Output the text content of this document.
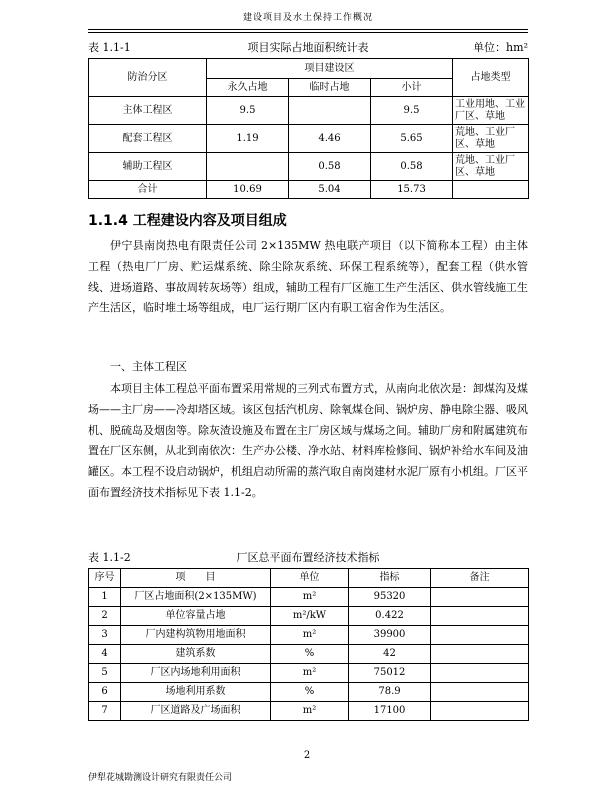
建设项目及水土保持工作概况
表 1.1-1	项目实际占地面积统计表	单位：hm²
防治分区	项目建设区			占地类型
	永久占地	临时占地	小计	
主体工程区	9.5		9.5	工业用地、工业厂区、草地
配套工程区	1.19	4.46	5.65	荒地、工业厂区、草地
辅助工程区		0.58	0.58	荒地、工业厂区、草地
合计	10.69	5.04	15.73	
1.1.4 工程建设内容及项目组成

伊宁县南岗热电有限责任公司 2×135MW 热电联产项目（以下简称本工程）由主体工程（热电厂厂房、贮运煤系统、除尘除灰系统、环保工程系统等），配套工程（供水管线、进场道路、事故周转灰场等）组成，辅助工程有厂区施工生产生活区、供水管线施工生产生活区，临时堆土场等组成，电厂运行期厂区内有职工宿舍作为生活区。

一、主体工程区

本项目主体工程总平面布置采用常规的三列式布置方式，从南向北依次是：卸煤沟及煤场——主厂房——冷却塔区域。该区包括汽机房、除氧煤仓间、锅炉房、静电除尘器、吸风机、脱硫岛及烟囱等。除灰渣设施及布置在主厂房区域与煤场之间。辅助厂房和附属建筑布置在厂区东侧，从北到南依次：生产办公楼、净水站、材料库检修间、锅炉补给水车间及油罐区。本工程不设启动锅炉，机组启动所需的蒸汽取自南岗建材水泥厂原有小机组。厂区平面布置经济技术指标见下表 1.1-2。

表 1.1-2	厂区总平面布置经济技术指标
序号	项　　目	单位	指标	备注
1	厂区占地面积(2×135MW)	m²	95320	
2	单位容量占地	m²/kW	0.422	
3	厂内建构筑物用地面积	m²	39900	
4	建筑系数	%	42	
5	厂区内场地利用面积	m²	75012	
6	场地利用系数	%	78.9	
7	厂区道路及广场面积	m²	17100	
2
伊犁花城勘测设计研究有限责任公司
